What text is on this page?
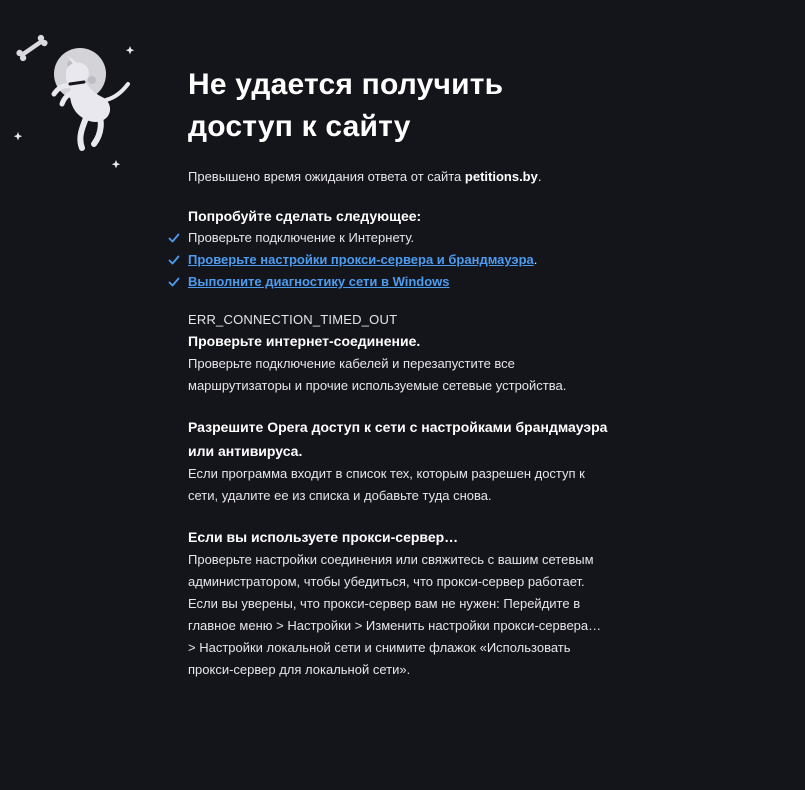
Не удается получить доступ к сайту
Превышено время ожидания ответа от сайта petitions.by.
Попробуйте сделать следующее:
Проверьте подключение к Интернету.
Проверьте настройки прокси-сервера и брандмауэра.
Выполните диагностику сети в Windows
ERR_CONNECTION_TIMED_OUT
Проверьте интернет-соединение.
Проверьте подключение кабелей и перезапустите все маршрутизаторы и прочие используемые сетевые устройства.
Разрешите Opera доступ к сети с настройками брандмауэра или антивируса.
Если программа входит в список тех, которым разрешен доступ к сети, удалите ее из списка и добавьте туда снова.
Если вы используете прокси-сервер…
Проверьте настройки соединения или свяжитесь с вашим сетевым администратором, чтобы убедиться, что прокси-сервер работает. Если вы уверены, что прокси-сервер вам не нужен: Перейдите в главное меню > Настройки > Изменить настройки прокси-сервера… > Настройки локальной сети и снимите флажок «Использовать прокси-сервер для локальной сети».
